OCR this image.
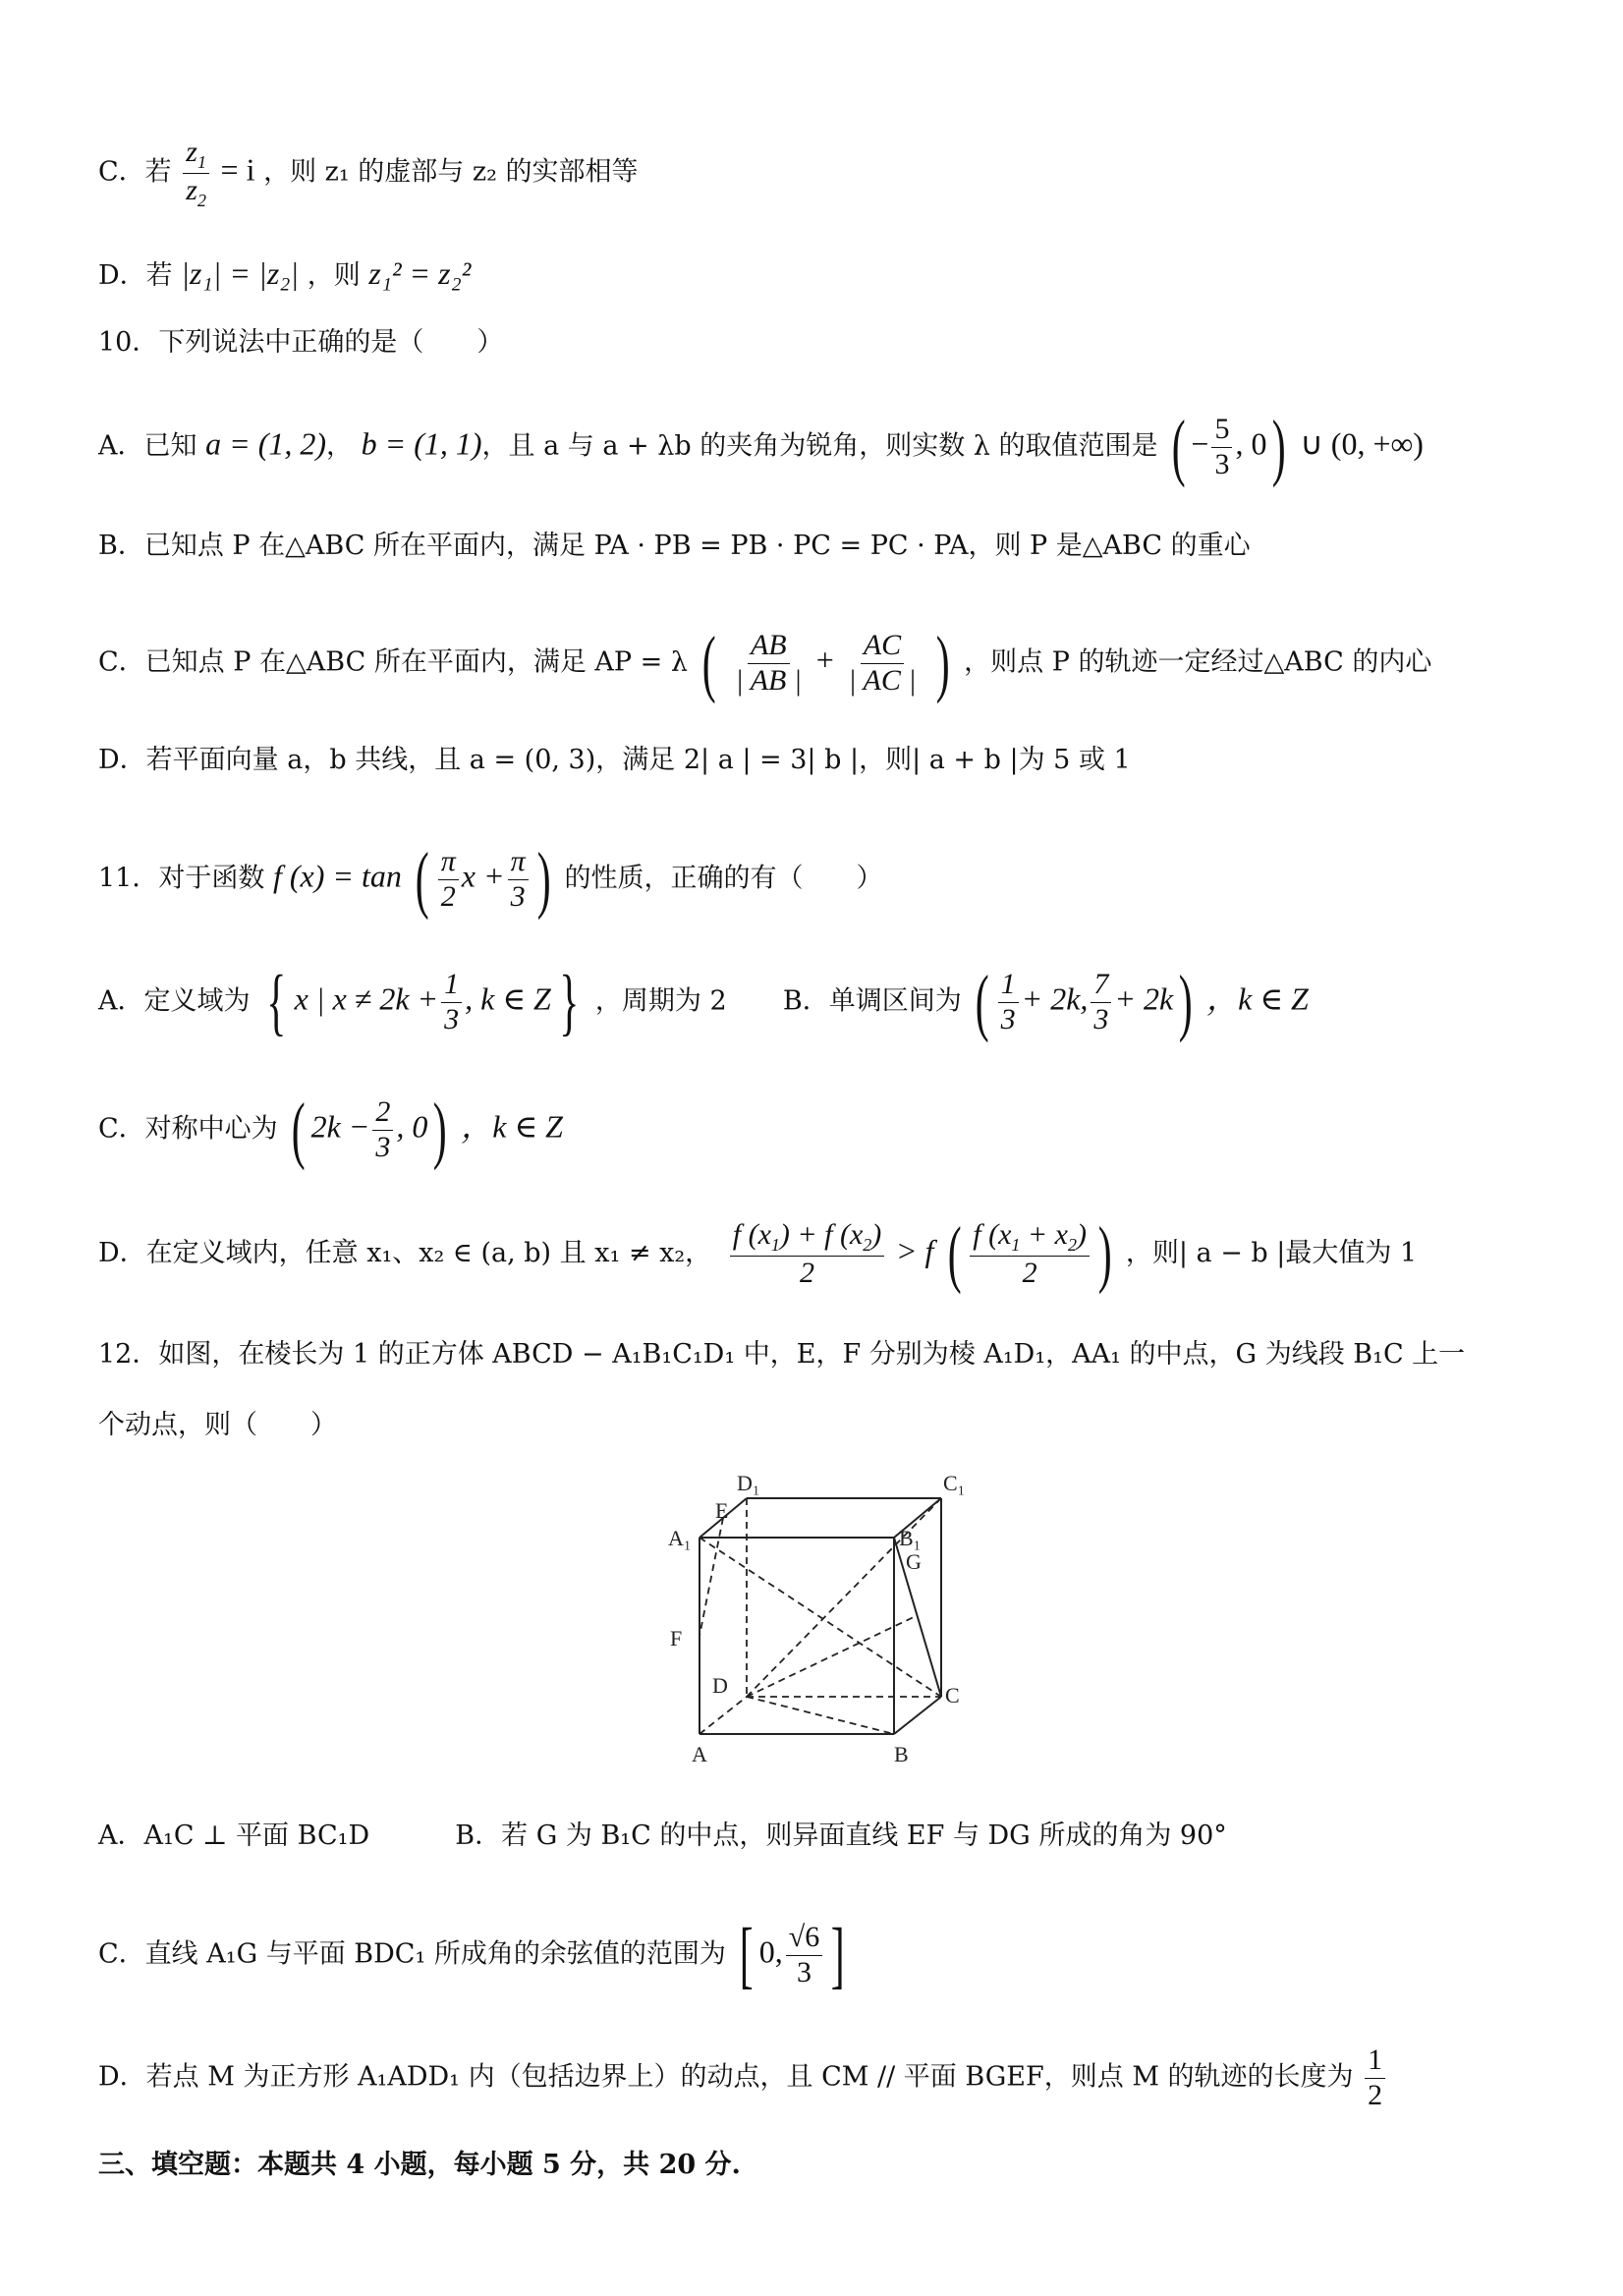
C．若 $\frac{z_1}{z_2} = i$ ，则 z₁ 的虚部与 z₂ 的实部相等
D．若 |z₁| = |z₂| ，则 z₁² = z₂²
10．下列说法中正确的是（　　）
A．已知 a = (1, 2)， b = (1, 1)，且 a 与 a + λb 的夹角为锐角，则实数 λ 的取值范围是 ( − $\frac{5}{3}$ , 0) ∪ (0, +∞)
B．已知点 P 在△ABC 所在平面内，满足 PA · PB = PB · PC = PC · PA，则 P 是△ABC 的重心
C．已知点 P 在△ABC 所在平面内，满足 AP = λ ( $\frac{AB}{| AB |} + \frac{AC}{| AC |}$ ) ，则点 P 的轨迹一定经过△ABC 的内心
D．若平面向量 a，b 共线，且 a = (0, 3)，满足 2| a | = 3| b |，则| a + b |为 5 或 1
11．对于函数 f (x) = tan ( $\frac{\pi}{2}$ $x + \frac{\pi}{3}$ ) 的性质，正确的有（　　）
A．定义域为 { x | $x \ne 2k + \frac{1}{3}$ , k ∈ Z } ，周期为 2 B．单调区间为 ( $\frac{1}{3} + 2k$, $\frac{7}{3} + 2k$) ，k ∈ Z
C．对称中心为 ( $2k - \frac{2}{3}$ , 0) ，k ∈ Z
D．在定义域内，任意 x₁、x₂ ∈ (a, b) 且 x₁ ≠ x₂， $\frac{f (x_1) + f (x_2)}{2} > f$ ( $\frac{f (x_1 + x_2)}{2}$ ) ，则| a − b |最大值为 1
12．如图，在棱长为 1 的正方体 ABCD − A₁B₁C₁D₁ 中，E，F 分别为棱 A₁D₁，AA₁ 的中点，G 为线段 B₁C 上一
个动点，则（　　）
D₁	C₁
E
A₁	B₁
G
F
D	C
A	B
A．A₁C ⊥ 平面 BC₁D	B．若 G 为 B₁C 的中点，则异面直线 EF 与 DG 所成的角为 90°
C．直线 A₁G 与平面 BDC₁ 所成角的余弦值的范围为 [ 0, $\frac{√6}{3}$ ]
D．若点 M 为正方形 A₁ADD₁ 内（包括边界上）的动点，且 CM // 平面 BGEF，则点 M 的轨迹的长度为 $\frac{1}{2}$
三、填空题：本题共 4 小题，每小题 5 分，共 20 分.
